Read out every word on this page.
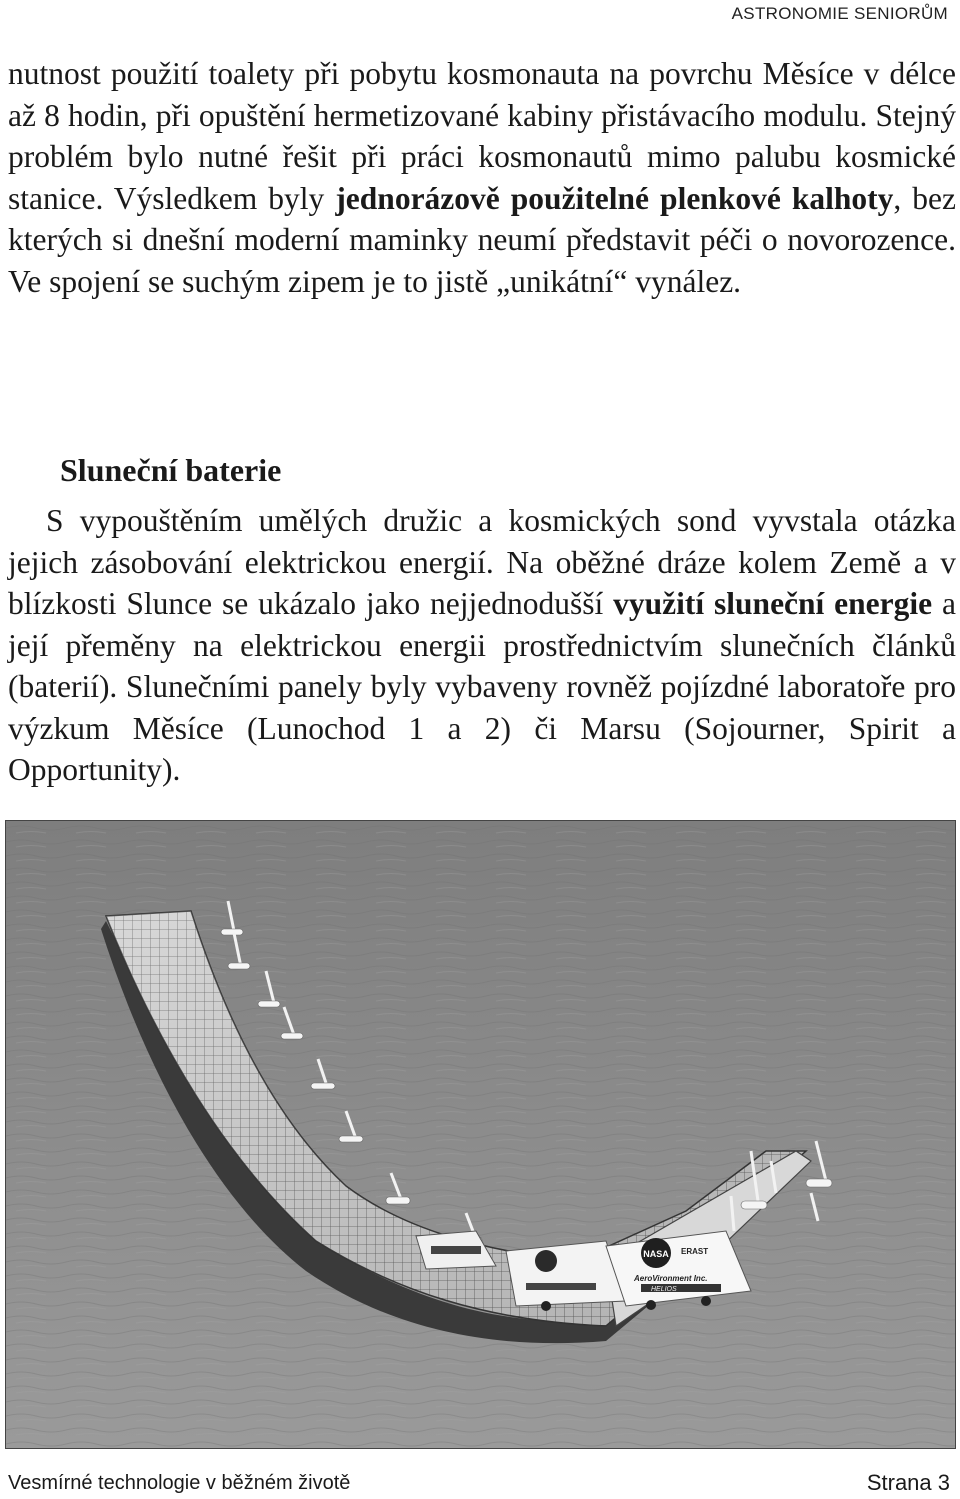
ASTRONOMIE SENIORŮM

nutnost použití toalety při pobytu kosmonauta na povrchu Měsíce v délce až 8 hodin, při opuštění hermetizované kabiny přistávacího modulu. Stejný problém bylo nutné řešit při práci kosmonautů mimo palubu kosmické stanice. Výsledkem byly jednorázově použitelné plenkové kalhoty, bez kterých si dnešní moderní maminky neumí představit péči o novorozence. Ve spojení se suchým zipem je to jistě „unikátní“ vynález.

Sluneční baterie

S vypouštěním umělých družic a kosmických sond vyvstala otázka jejich zásobování elektrickou energií. Na oběžné dráze kolem Země a v blízkosti Slunce se ukázalo jako nejjednodušší využití sluneční energie a její přeměny na elektrickou energii prostřednictvím slunečních článků (baterií). Slunečními panely byly vybaveny rovněž pojízdné laboratoře pro výzkum Měsíce (Lunochod 1 a 2) či Marsu (Sojourner, Spirit a Opportunity).

NASA ERAST
AeroVironment Inc.
HELIOS
Vesmírné technologie v běžném životě	Strana 3
